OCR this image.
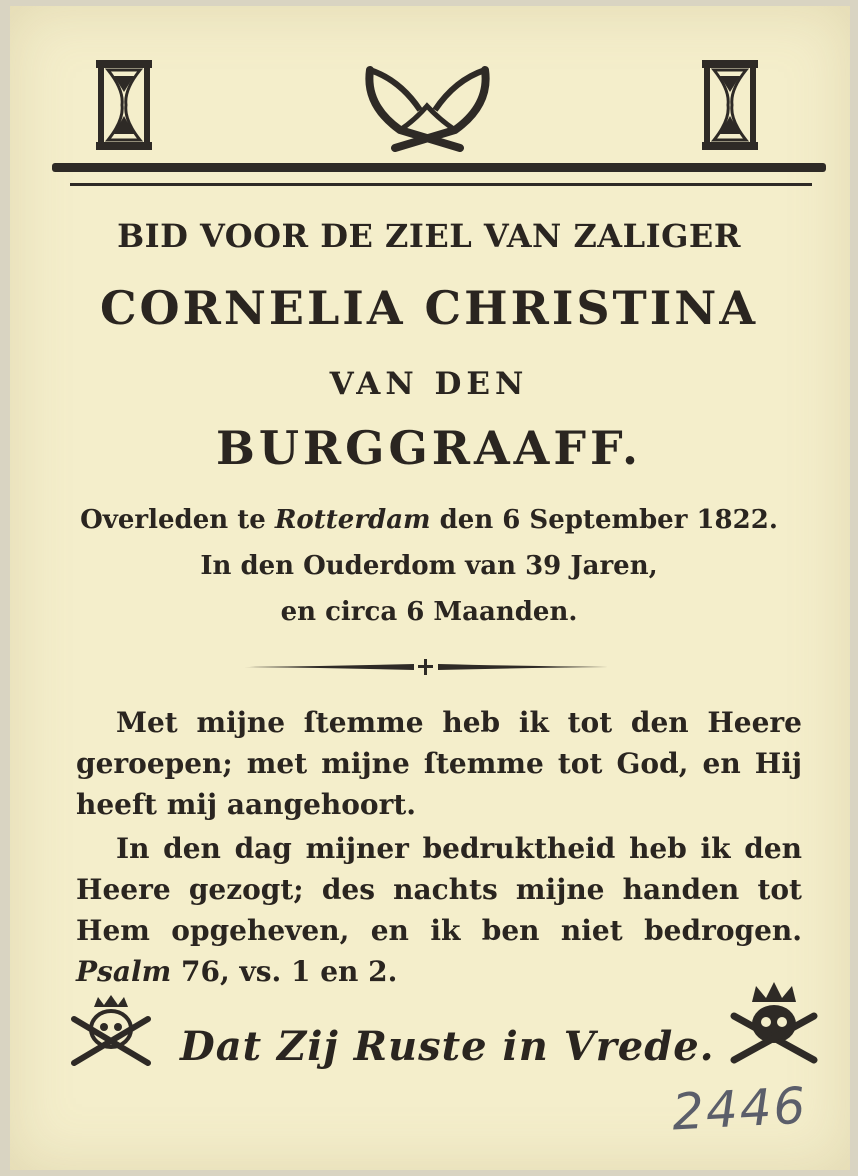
BID VOOR DE ZIEL VAN ZALIGER
CORNELIA CHRISTINA
VAN DEN
BURGGRAAFF.
Overleden te Rotterdam den 6 September 1822.
In den Ouderdom van 39 Jaren,
en circa 6 Maanden.
Met mijne ſtemme heb ik tot den Heere geroepen; met mijne ſtemme tot God, en Hij heeft mij aangehoort.
In den dag mijner bedruktheid heb ik den Heere gezogt; des nachts mijne handen tot Hem opgeheven, en ik ben niet bedrogen. Psalm 76, vs. 1 en 2.
Dat Zij Ruste in Vrede.
2446
